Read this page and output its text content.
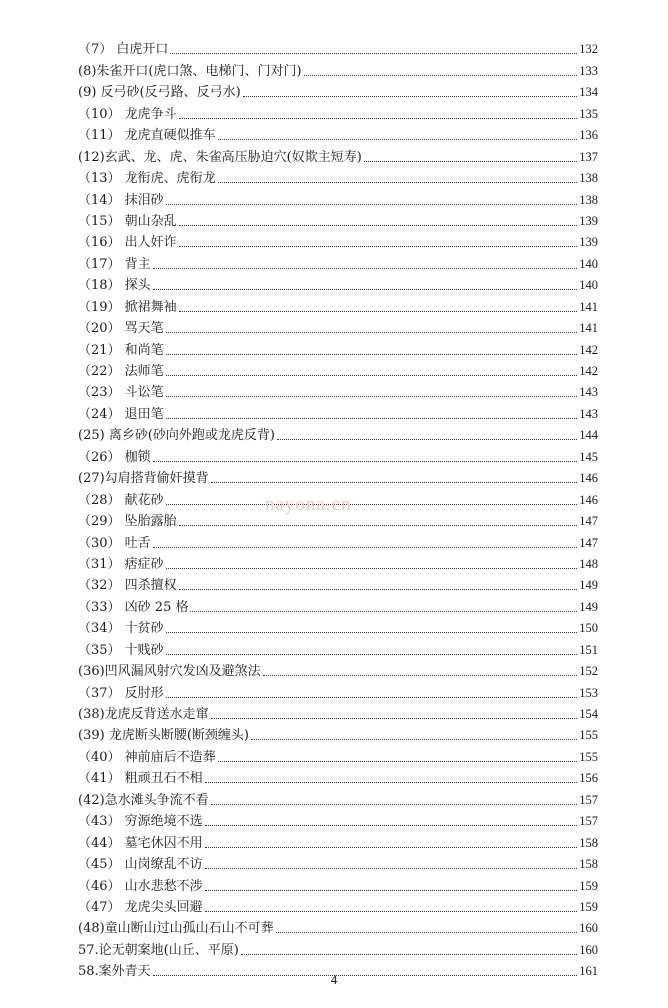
（7） 白虎开口	132
(8)朱雀开口(虎口煞、电梯门、门对门)	133
(9) 反弓砂(反弓路、反弓水)	134
（10） 龙虎争斗	135
（11） 龙虎直硬似推车	136
(12)玄武、龙、虎、朱雀高压胁迫穴(奴欺主短寿)	137
（13） 龙衔虎、虎衔龙	138
（14） 抹泪砂	138
（15） 朝山杂乱	139
（16） 出人奸诈	139
（17） 背主	140
（18） 探头	140
（19） 掀裙舞袖	141
（20） 骂天笔	141
（21） 和尚笔	142
（22） 法师笔	142
（23） 斗讼笔	143
（24） 退田笔	143
(25) 离乡砂(砂向外跑或龙虎反背)	144
（26） 枷锁	145
(27)勾肩搭背偷奸摸背	146
（28） 献花砂	146
（29） 坠胎露胎	147
（30） 吐舌	147
（31） 痞症砂	148
（32） 四杀擅权	149
（33） 凶砂 25 格	149
（34） 十贫砂	150
（35） 十贱砂	151
(36)凹风漏风射穴发凶及避煞法	152
（37） 反肘形	153
(38)龙虎反背送水走窜	154
(39) 龙虎断头断腰(断颈缠头)	155
（40） 神前庙后不造葬	155
（41） 粗顽丑石不相	156
(42)急水滩头争流不看	157
（43） 穷源绝境不选	157
（44） 墓宅休囚不用	158
（45） 山岗缭乱不访	158
（46） 山水悲愁不涉	159
（47） 龙虎尖头回避	159
(48)童山断山过山孤山石山不可葬	160
57.论无朝案地(山丘、平原)	160
58.案外青天	161
nayona.cn
4
